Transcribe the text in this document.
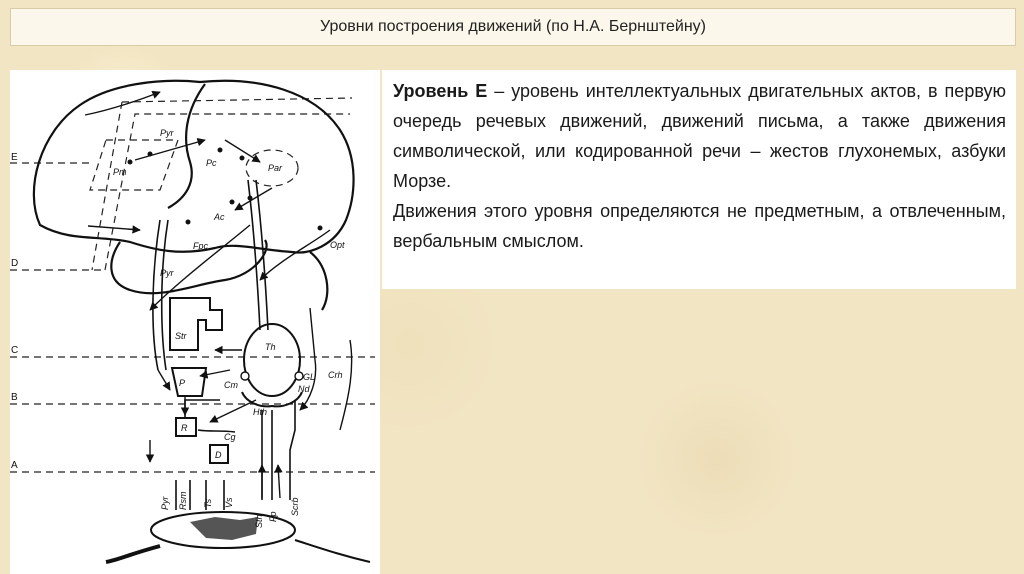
Уровни построения движений (по Н.А. Бернштейну)
E
D
C
B
A
Pyr
Pm
Pc	Par
Ac
Fpc	Opt
Pyr
Str
Th
P	Cm
GL
Nd
Crh
Hth
R
Cg
D
Pyr Rsm Ts Vs
Sth Fp
Scrb

Уровень Е – уровень интеллектуальных двигательных актов, в первую очередь речевых движений, движений письма, а также движения символической, или кодированной речи – жестов глухонемых, азбуки Морзе.

Движения этого уровня определяются не предметным, а отвлеченным, вербальным смыслом.
